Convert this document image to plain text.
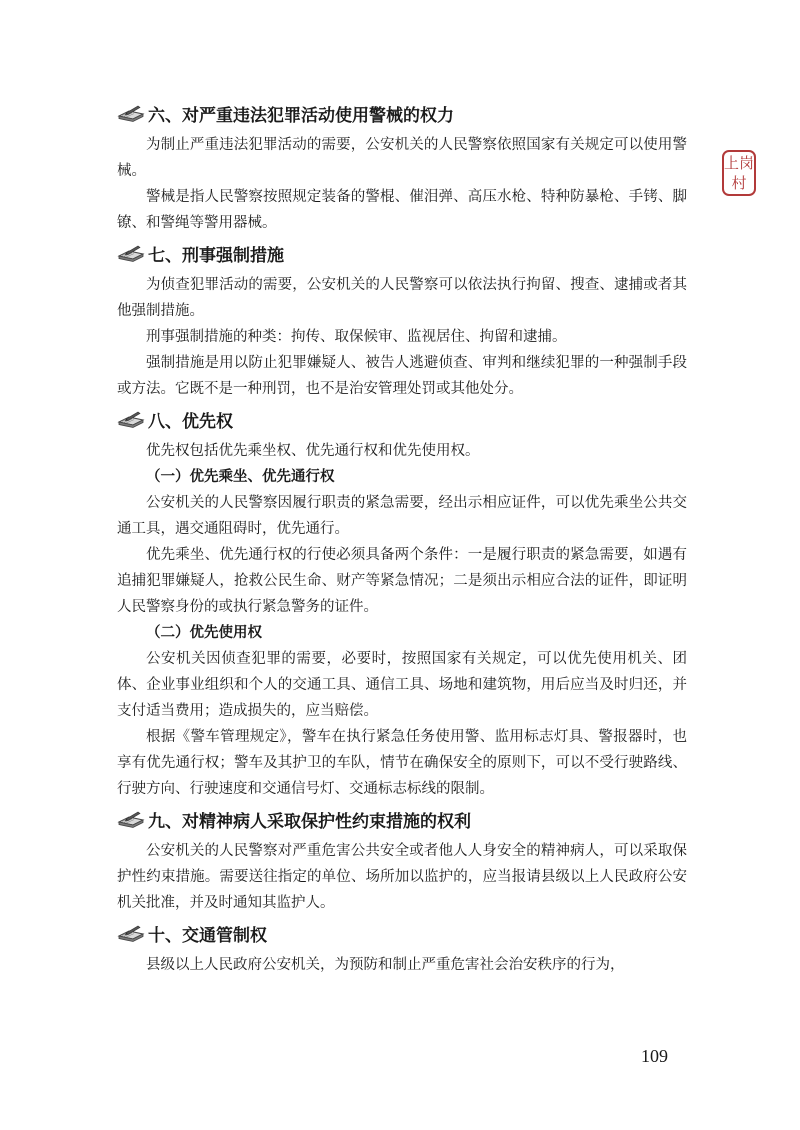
六、对严重违法犯罪活动使用警械的权力

为制止严重违法犯罪活动的需要，公安机关的人民警察依照国家有关规定可以使用警械。

警械是指人民警察按照规定装备的警棍、催泪弹、高压水枪、特种防暴枪、手铐、脚镣、和警绳等警用器械。

七、刑事强制措施

为侦查犯罪活动的需要，公安机关的人民警察可以依法执行拘留、搜查、逮捕或者其他强制措施。

刑事强制措施的种类：拘传、取保候审、监视居住、拘留和逮捕。

强制措施是用以防止犯罪嫌疑人、被告人逃避侦查、审判和继续犯罪的一种强制手段或方法。它既不是一种刑罚，也不是治安管理处罚或其他处分。

八、优先权

优先权包括优先乘坐权、优先通行权和优先使用权。

（一）优先乘坐、优先通行权

公安机关的人民警察因履行职责的紧急需要，经出示相应证件，可以优先乘坐公共交通工具，遇交通阻碍时，优先通行。

优先乘坐、优先通行权的行使必须具备两个条件：一是履行职责的紧急需要，如遇有追捕犯罪嫌疑人，抢救公民生命、财产等紧急情况；二是须出示相应合法的证件，即证明人民警察身份的或执行紧急警务的证件。

（二）优先使用权

公安机关因侦查犯罪的需要，必要时，按照国家有关规定，可以优先使用机关、团体、企业事业组织和个人的交通工具、通信工具、场地和建筑物，用后应当及时归还，并支付适当费用；造成损失的，应当赔偿。

根据《警车管理规定》，警车在执行紧急任务使用警、监用标志灯具、警报器时，也享有优先通行权；警车及其护卫的车队，情节在确保安全的原则下，可以不受行驶路线、行驶方向、行驶速度和交通信号灯、交通标志标线的限制。

九、对精神病人采取保护性约束措施的权利

公安机关的人民警察对严重危害公共安全或者他人人身安全的精神病人，可以采取保护性约束措施。需要送往指定的单位、场所加以监护的，应当报请县级以上人民政府公安机关批准，并及时通知其监护人。

十、交通管制权

县级以上人民政府公安机关，为预防和制止严重危害社会治安秩序的行为，

上岗村
109
